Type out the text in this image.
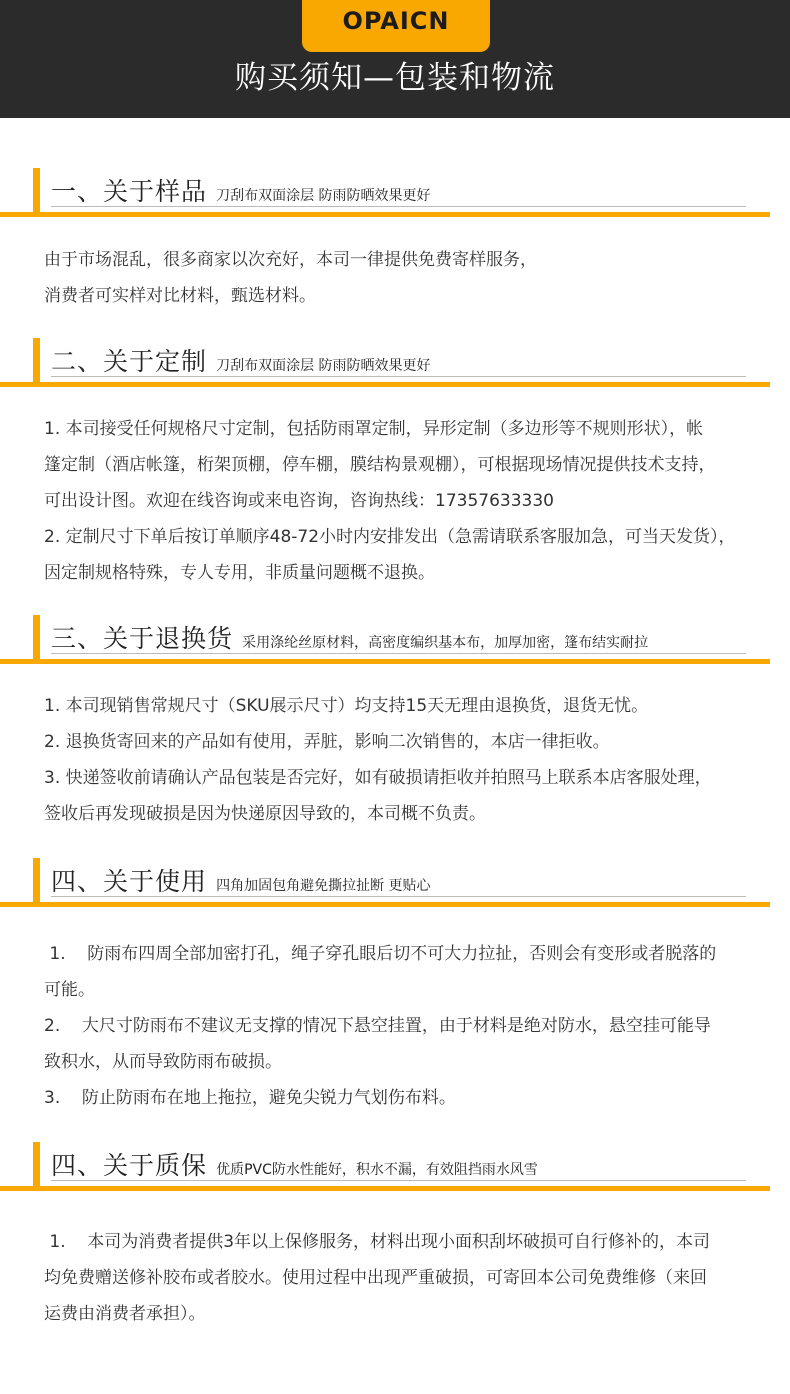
OPAICN
购买须知—包装和物流
一、关于样品 刀刮布双面涂层 防雨防晒效果更好

由于市场混乱，很多商家以次充好，本司一律提供免费寄样服务，

消费者可实样对比材料，甄选材料。

二、关于定制 刀刮布双面涂层 防雨防晒效果更好

1. 本司接受任何规格尺寸定制，包括防雨罩定制，异形定制（多边形等不规则形状），帐

篷定制（酒店帐篷，桁架顶棚，停车棚，膜结构景观棚），可根据现场情况提供技术支持，

可出设计图。欢迎在线咨询或来电咨询，咨询热线：17357633330

2. 定制尺寸下单后按订单顺序48-72小时内安排发出（急需请联系客服加急，可当天发货），

因定制规格特殊，专人专用，非质量问题概不退换。

三、关于退换货 采用涤纶丝原材料，高密度编织基本布，加厚加密，篷布结实耐拉

1. 本司现销售常规尺寸（SKU展示尺寸）均支持15天无理由退换货，退货无忧。

2. 退换货寄回来的产品如有使用，弄脏，影响二次销售的，本店一律拒收。

3. 快递签收前请确认产品包装是否完好，如有破损请拒收并拍照马上联系本店客服处理，

签收后再发现破损是因为快递原因导致的，本司概不负责。

四、关于使用 四角加固包角避免撕拉扯断 更贴心

1.    防雨布四周全部加密打孔，绳子穿孔眼后切不可大力拉扯，否则会有变形或者脱落的

可能。

2.    大尺寸防雨布不建议无支撑的情况下悬空挂置，由于材料是绝对防水，悬空挂可能导

致积水，从而导致防雨布破损。

3.    防止防雨布在地上拖拉，避免尖锐力气划伤布料。

四、关于质保 优质PVC防水性能好，积水不漏，有效阻挡雨水风雪

1.    本司为消费者提供3年以上保修服务，材料出现小面积刮坏破损可自行修补的，本司

均免费赠送修补胶布或者胶水。使用过程中出现严重破损，可寄回本公司免费维修（来回

运费由消费者承担）。
